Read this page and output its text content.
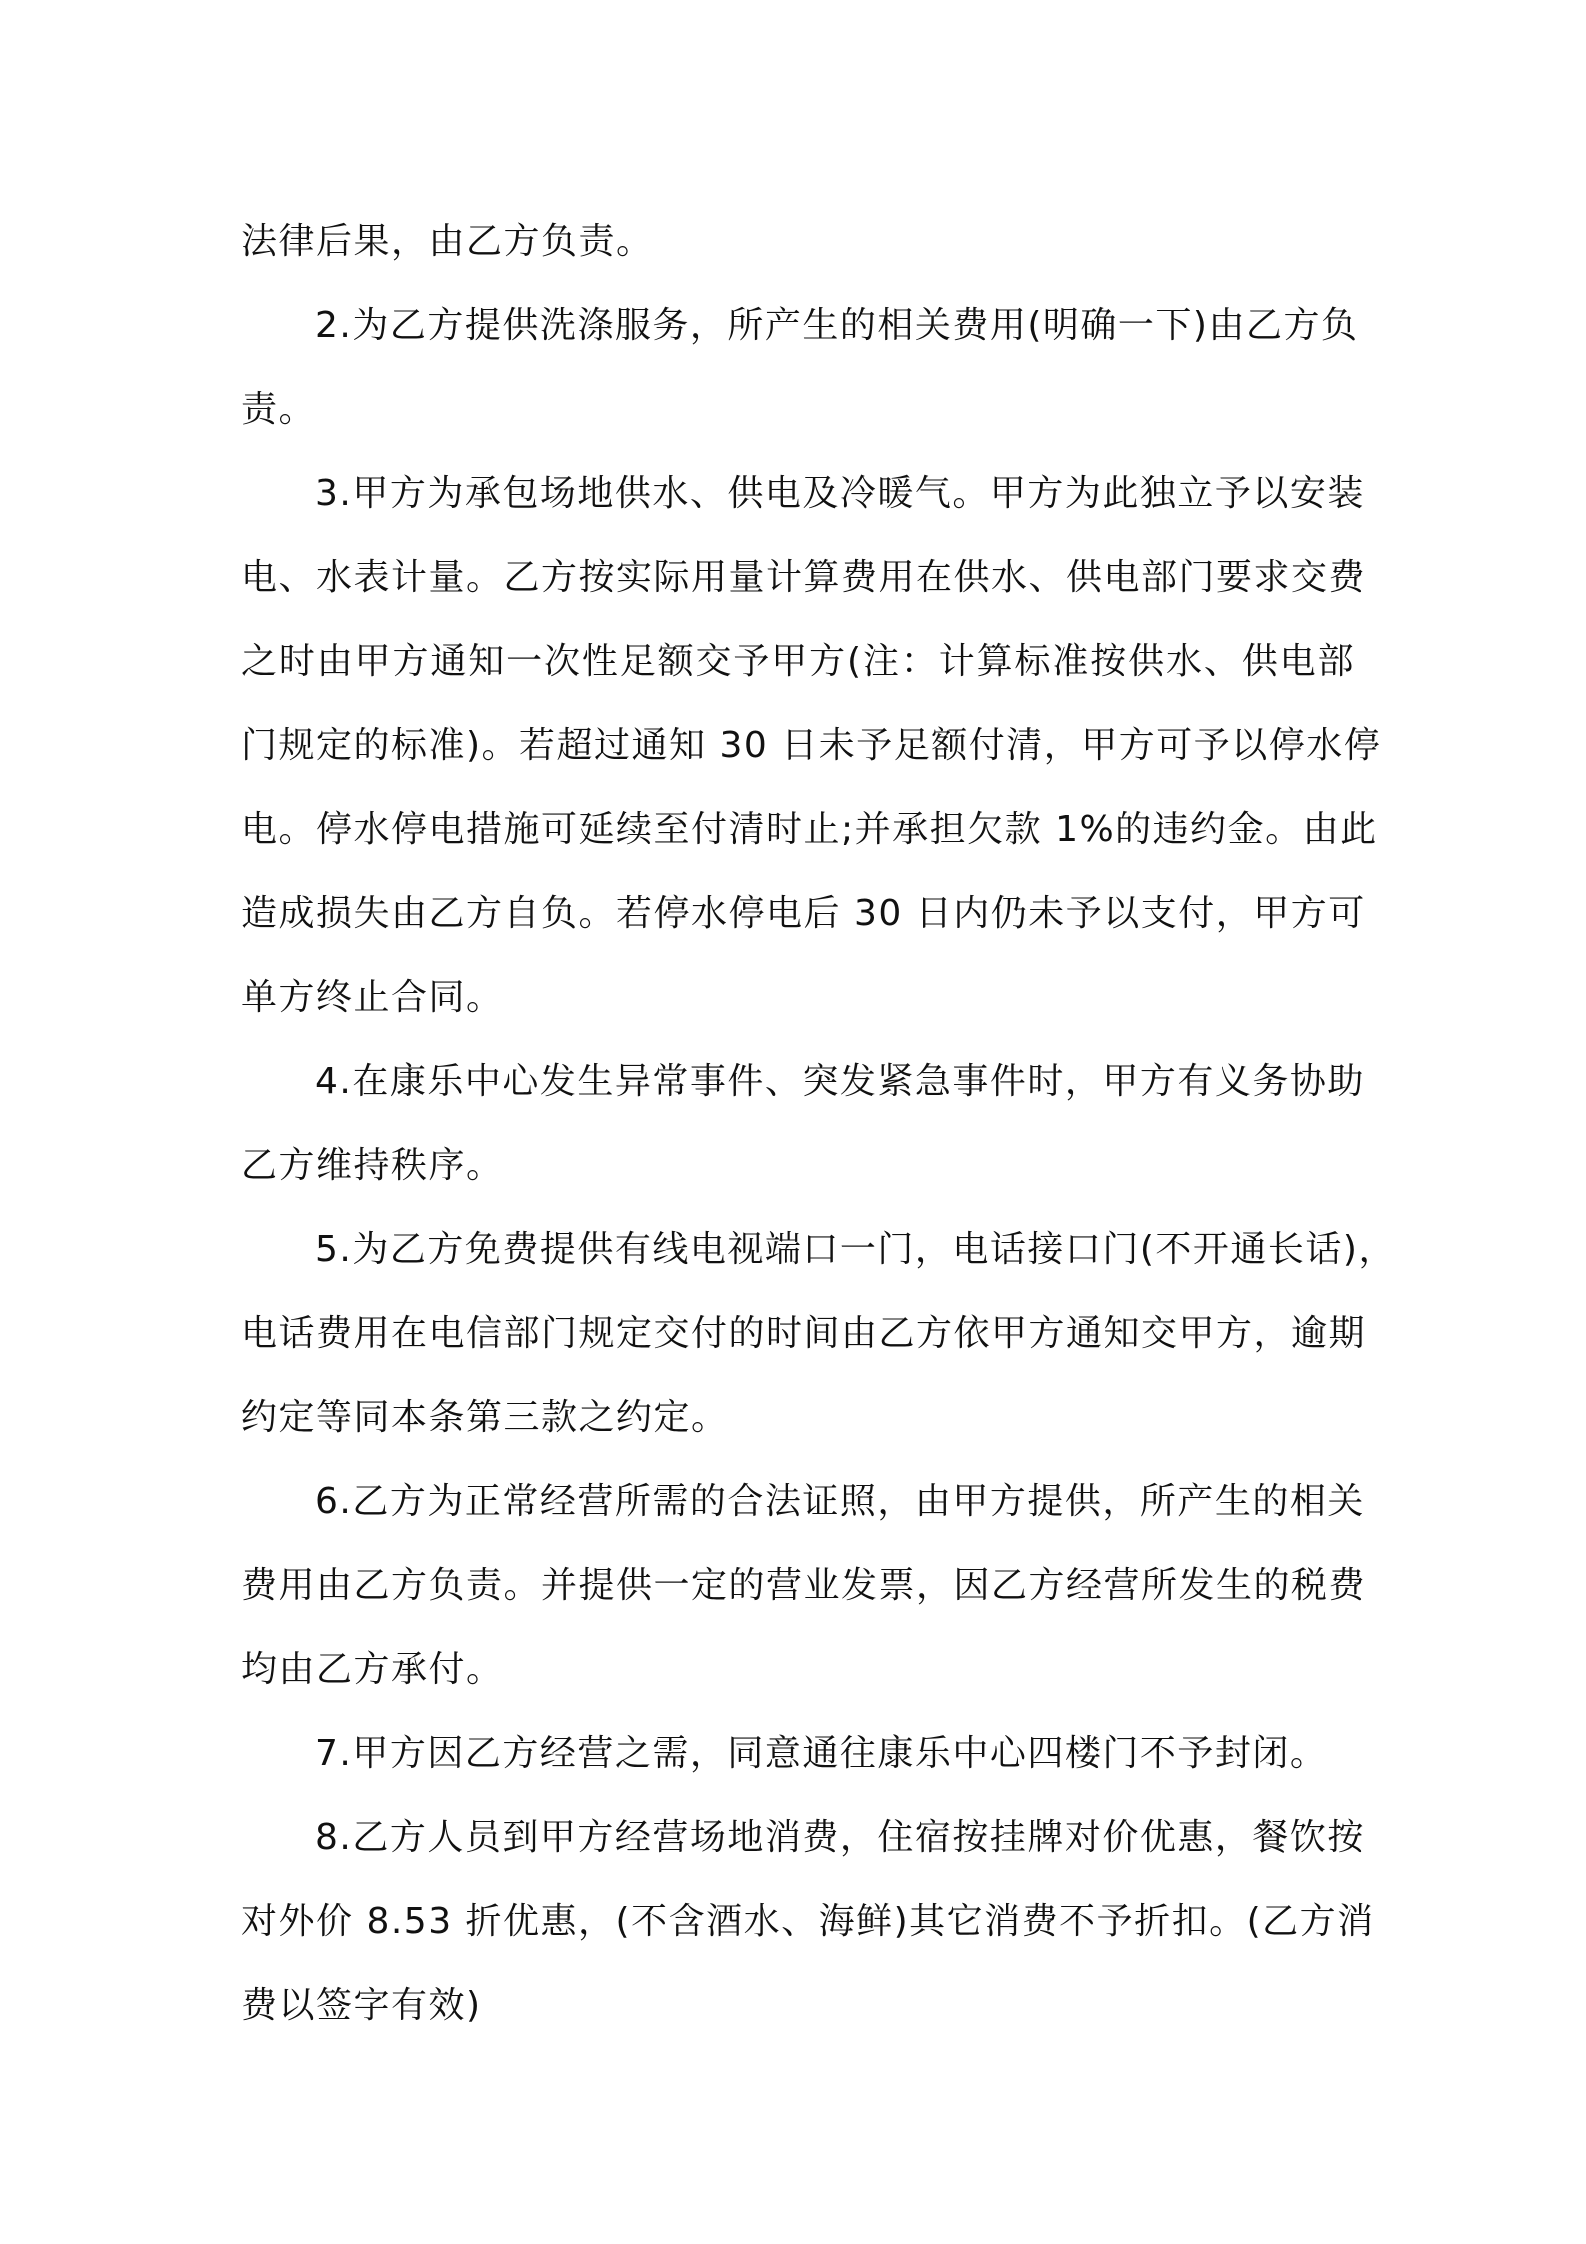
法律后果，由乙方负责。

2.为乙方提供洗涤服务，所产生的相关费用(明确一下)由乙方负
责。

3.甲方为承包场地供水、供电及冷暖气。甲方为此独立予以安装
电、水表计量。乙方按实际用量计算费用在供水、供电部门要求交费
之时由甲方通知一次性足额交予甲方(注：计算标准按供水、供电部
门规定的标准)。若超过通知 30 日未予足额付清，甲方可予以停水停
电。停水停电措施可延续至付清时止;并承担欠款 1%的违约金。由此
造成损失由乙方自负。若停水停电后 30 日内仍未予以支付，甲方可
单方终止合同。

4.在康乐中心发生异常事件、突发紧急事件时，甲方有义务协助
乙方维持秩序。

5.为乙方免费提供有线电视端口一门，电话接口门(不开通长话)，
电话费用在电信部门规定交付的时间由乙方依甲方通知交甲方，逾期
约定等同本条第三款之约定。

6.乙方为正常经营所需的合法证照，由甲方提供，所产生的相关
费用由乙方负责。并提供一定的营业发票，因乙方经营所发生的税费
均由乙方承付。

7.甲方因乙方经营之需，同意通往康乐中心四楼门不予封闭。

8.乙方人员到甲方经营场地消费，住宿按挂牌对价优惠，餐饮按
对外价 8.53 折优惠，(不含酒水、海鲜)其它消费不予折扣。(乙方消
费以签字有效)
